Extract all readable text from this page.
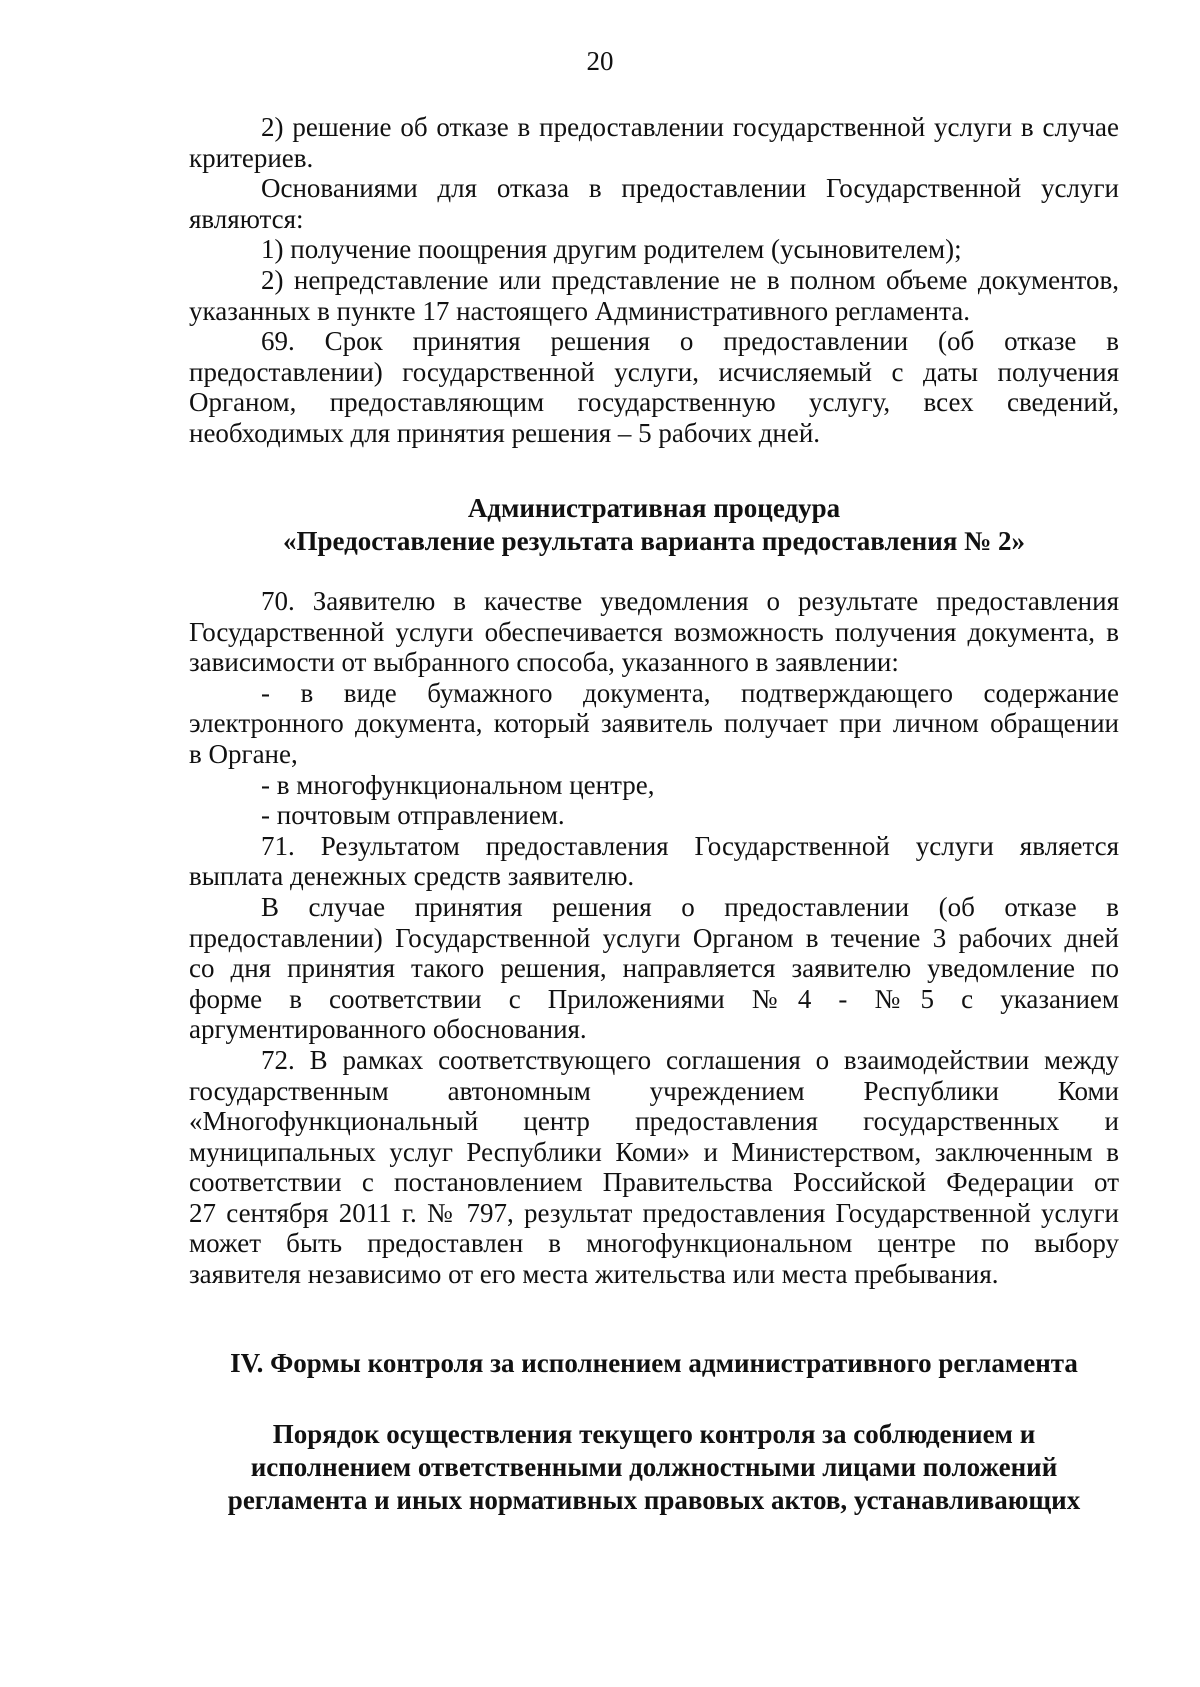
20

2) решение об отказе в предоставлении государственной услуги в случае

критериев.

Основаниями для отказа в предоставлении Государственной услуги

являются:

1) получение поощрения другим родителем (усыновителем);

2) непредставление или представление не в полном объеме документов,

указанных в пункте 17 настоящего Административного регламента.

69. Срок принятия решения о предоставлении (об отказе в

предоставлении) государственной услуги, исчисляемый с даты получения

Органом, предоставляющим государственную услугу, всех сведений,

необходимых для принятия решения – 5 рабочих дней.

Административная процедура

«Предоставление результата варианта предоставления № 2»

70. Заявителю в качестве уведомления о результате предоставления

Государственной услуги обеспечивается возможность получения документа, в

зависимости от выбранного способа, указанного в заявлении:

- в виде бумажного документа, подтверждающего содержание

электронного документа, который заявитель получает при личном обращении

в Органе,

- в многофункциональном центре,

- почтовым отправлением.

71. Результатом предоставления Государственной услуги является

выплата денежных средств заявителю.

В случае принятия решения о предоставлении (об отказе в

предоставлении) Государственной услуги Органом в течение 3 рабочих дней

со дня принятия такого решения, направляется заявителю уведомление по

форме в соответствии с Приложениями №4 - №5 с указанием

аргументированного обоснования.

72. В рамках соответствующего соглашения о взаимодействии между

государственным автономным учреждением Республики Коми

«Многофункциональный центр предоставления государственных и

муниципальных услуг Республики Коми» и Министерством, заключенным в

соответствии с постановлением Правительства Российской Федерации от

27 сентября 2011 г. № 797, результат предоставления Государственной услуги

может быть предоставлен в многофункциональном центре по выбору

заявителя независимо от его места жительства или места пребывания.

IV. Формы контроля за исполнением административного регламента

Порядок осуществления текущего контроля за соблюдением и

исполнением ответственными должностными лицами положений

регламента и иных нормативных правовых актов, устанавливающих
